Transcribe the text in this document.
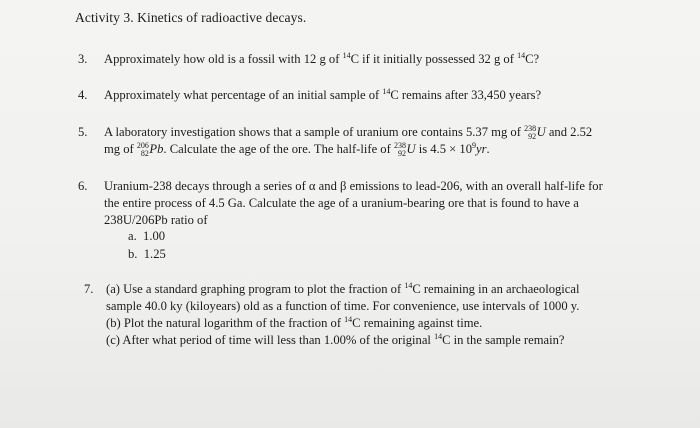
Activity 3. Kinetics of radioactive decays.
3. Approximately how old is a fossil with 12 g of $^{14}$C if it initially possessed 32 g of $^{14}$C?
4. Approximately what percentage of an initial sample of $^{14}$C remains after 33,450 years?
5. A laboratory investigation shows that a sample of uranium ore contains 5.37 mg of 238
92 U and 2.52
mg of 206
82 Pb. Calculate the age of the ore. The half-life of 238
92 U is $4.5 \times 10^9yr$.
6. Uranium-238 decays through a series of α and β emissions to lead-206, with an overall half-life for
the entire process of 4.5 Ga. Calculate the age of a uranium-bearing ore that is found to have a
238U/206Pb ratio of
a. 1.00
b. 1.25
7. (a) Use a standard graphing program to plot the fraction of $^{14}$C remaining in an archaeological
sample 40.0 ky (kiloyears) old as a function of time. For convenience, use intervals of 1000 y.
(b) Plot the natural logarithm of the fraction of $^{14}$C remaining against time.
(c) After what period of time will less than 1.00% of the original $^{14}$C in the sample remain?
